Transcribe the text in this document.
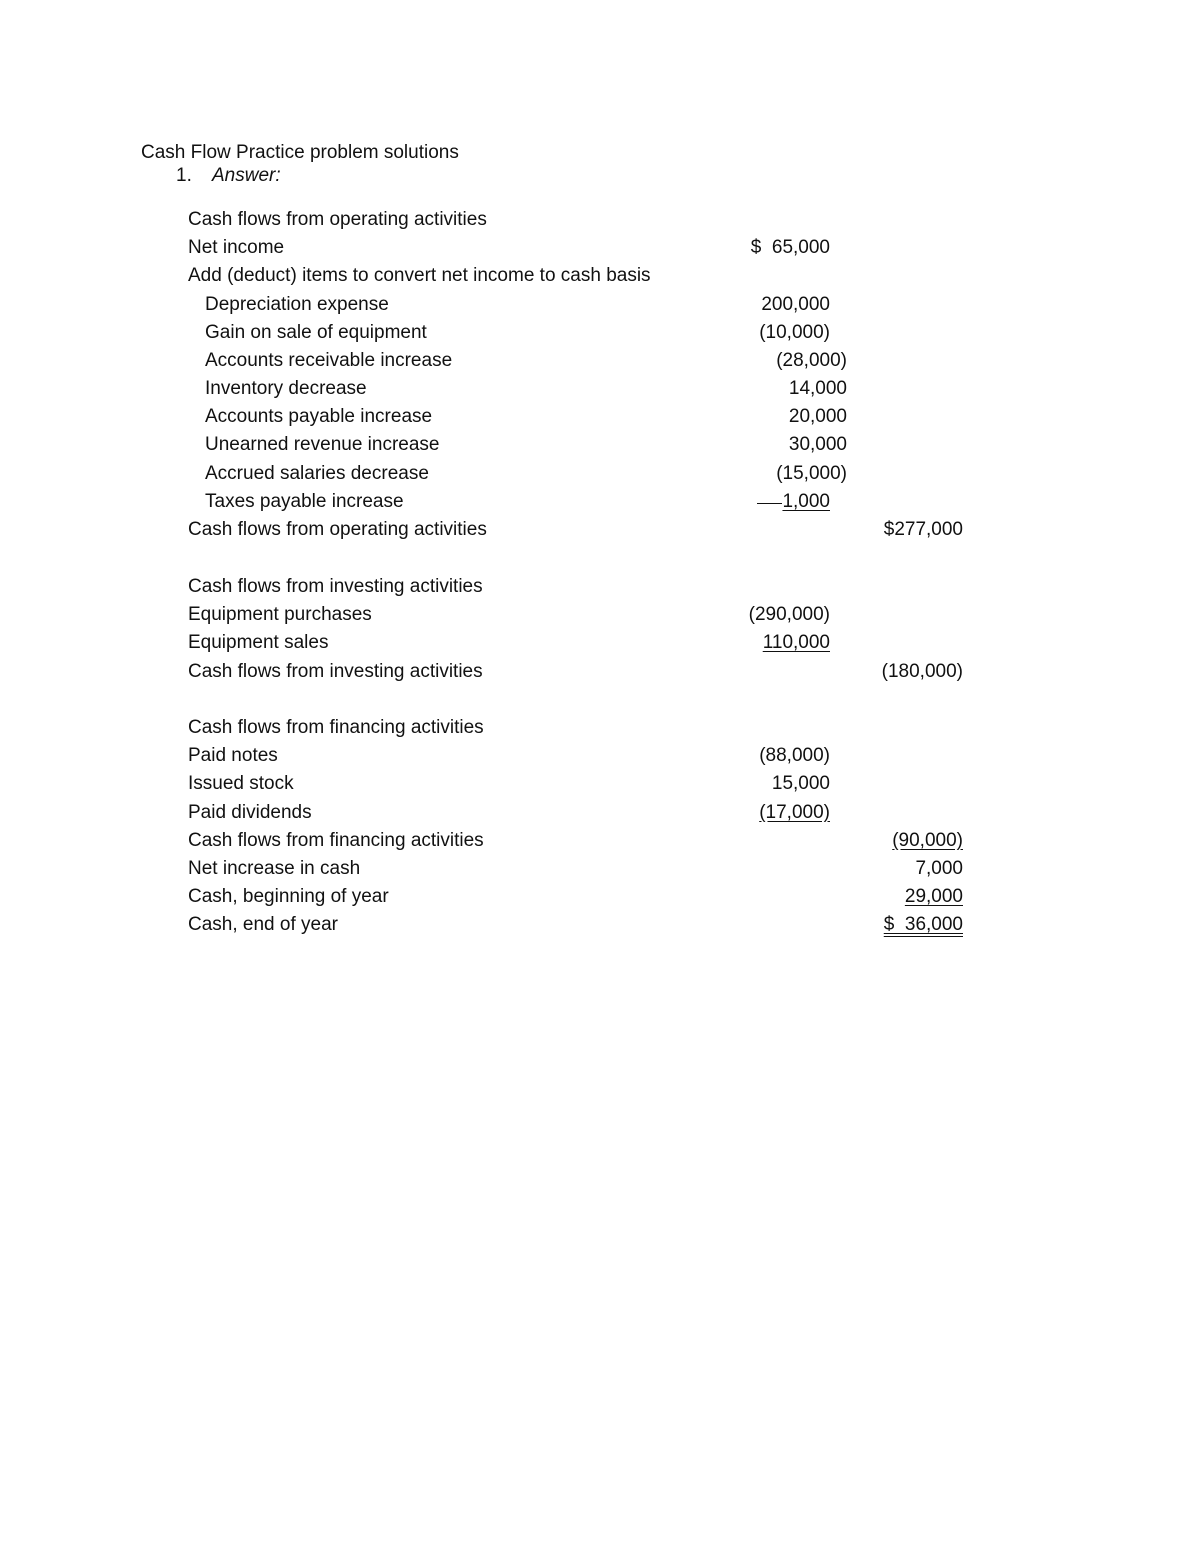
Cash Flow Practice problem solutions
1. Answer:
Cash flows from operating activities
Net income	$  65,000
Add (deduct) items to convert net income to cash basis
Depreciation expense	200,000
Gain on sale of equipment	(10,000)
Accounts receivable increase	(28,000)
Inventory decrease	14,000
Accounts payable increase	20,000
Unearned revenue increase	30,000
Accrued salaries decrease	(15,000)
Taxes payable increase	1,000
Cash flows from operating activities	$277,000
Cash flows from investing activities
Equipment purchases	(290,000)
Equipment sales	110,000
Cash flows from investing activities	(180,000)
Cash flows from financing activities
Paid notes	(88,000)
Issued stock	15,000
Paid dividends	(17,000)
Cash flows from financing activities	(90,000)
Net increase in cash	7,000
Cash, beginning of year	29,000
Cash, end of year	$  36,000
